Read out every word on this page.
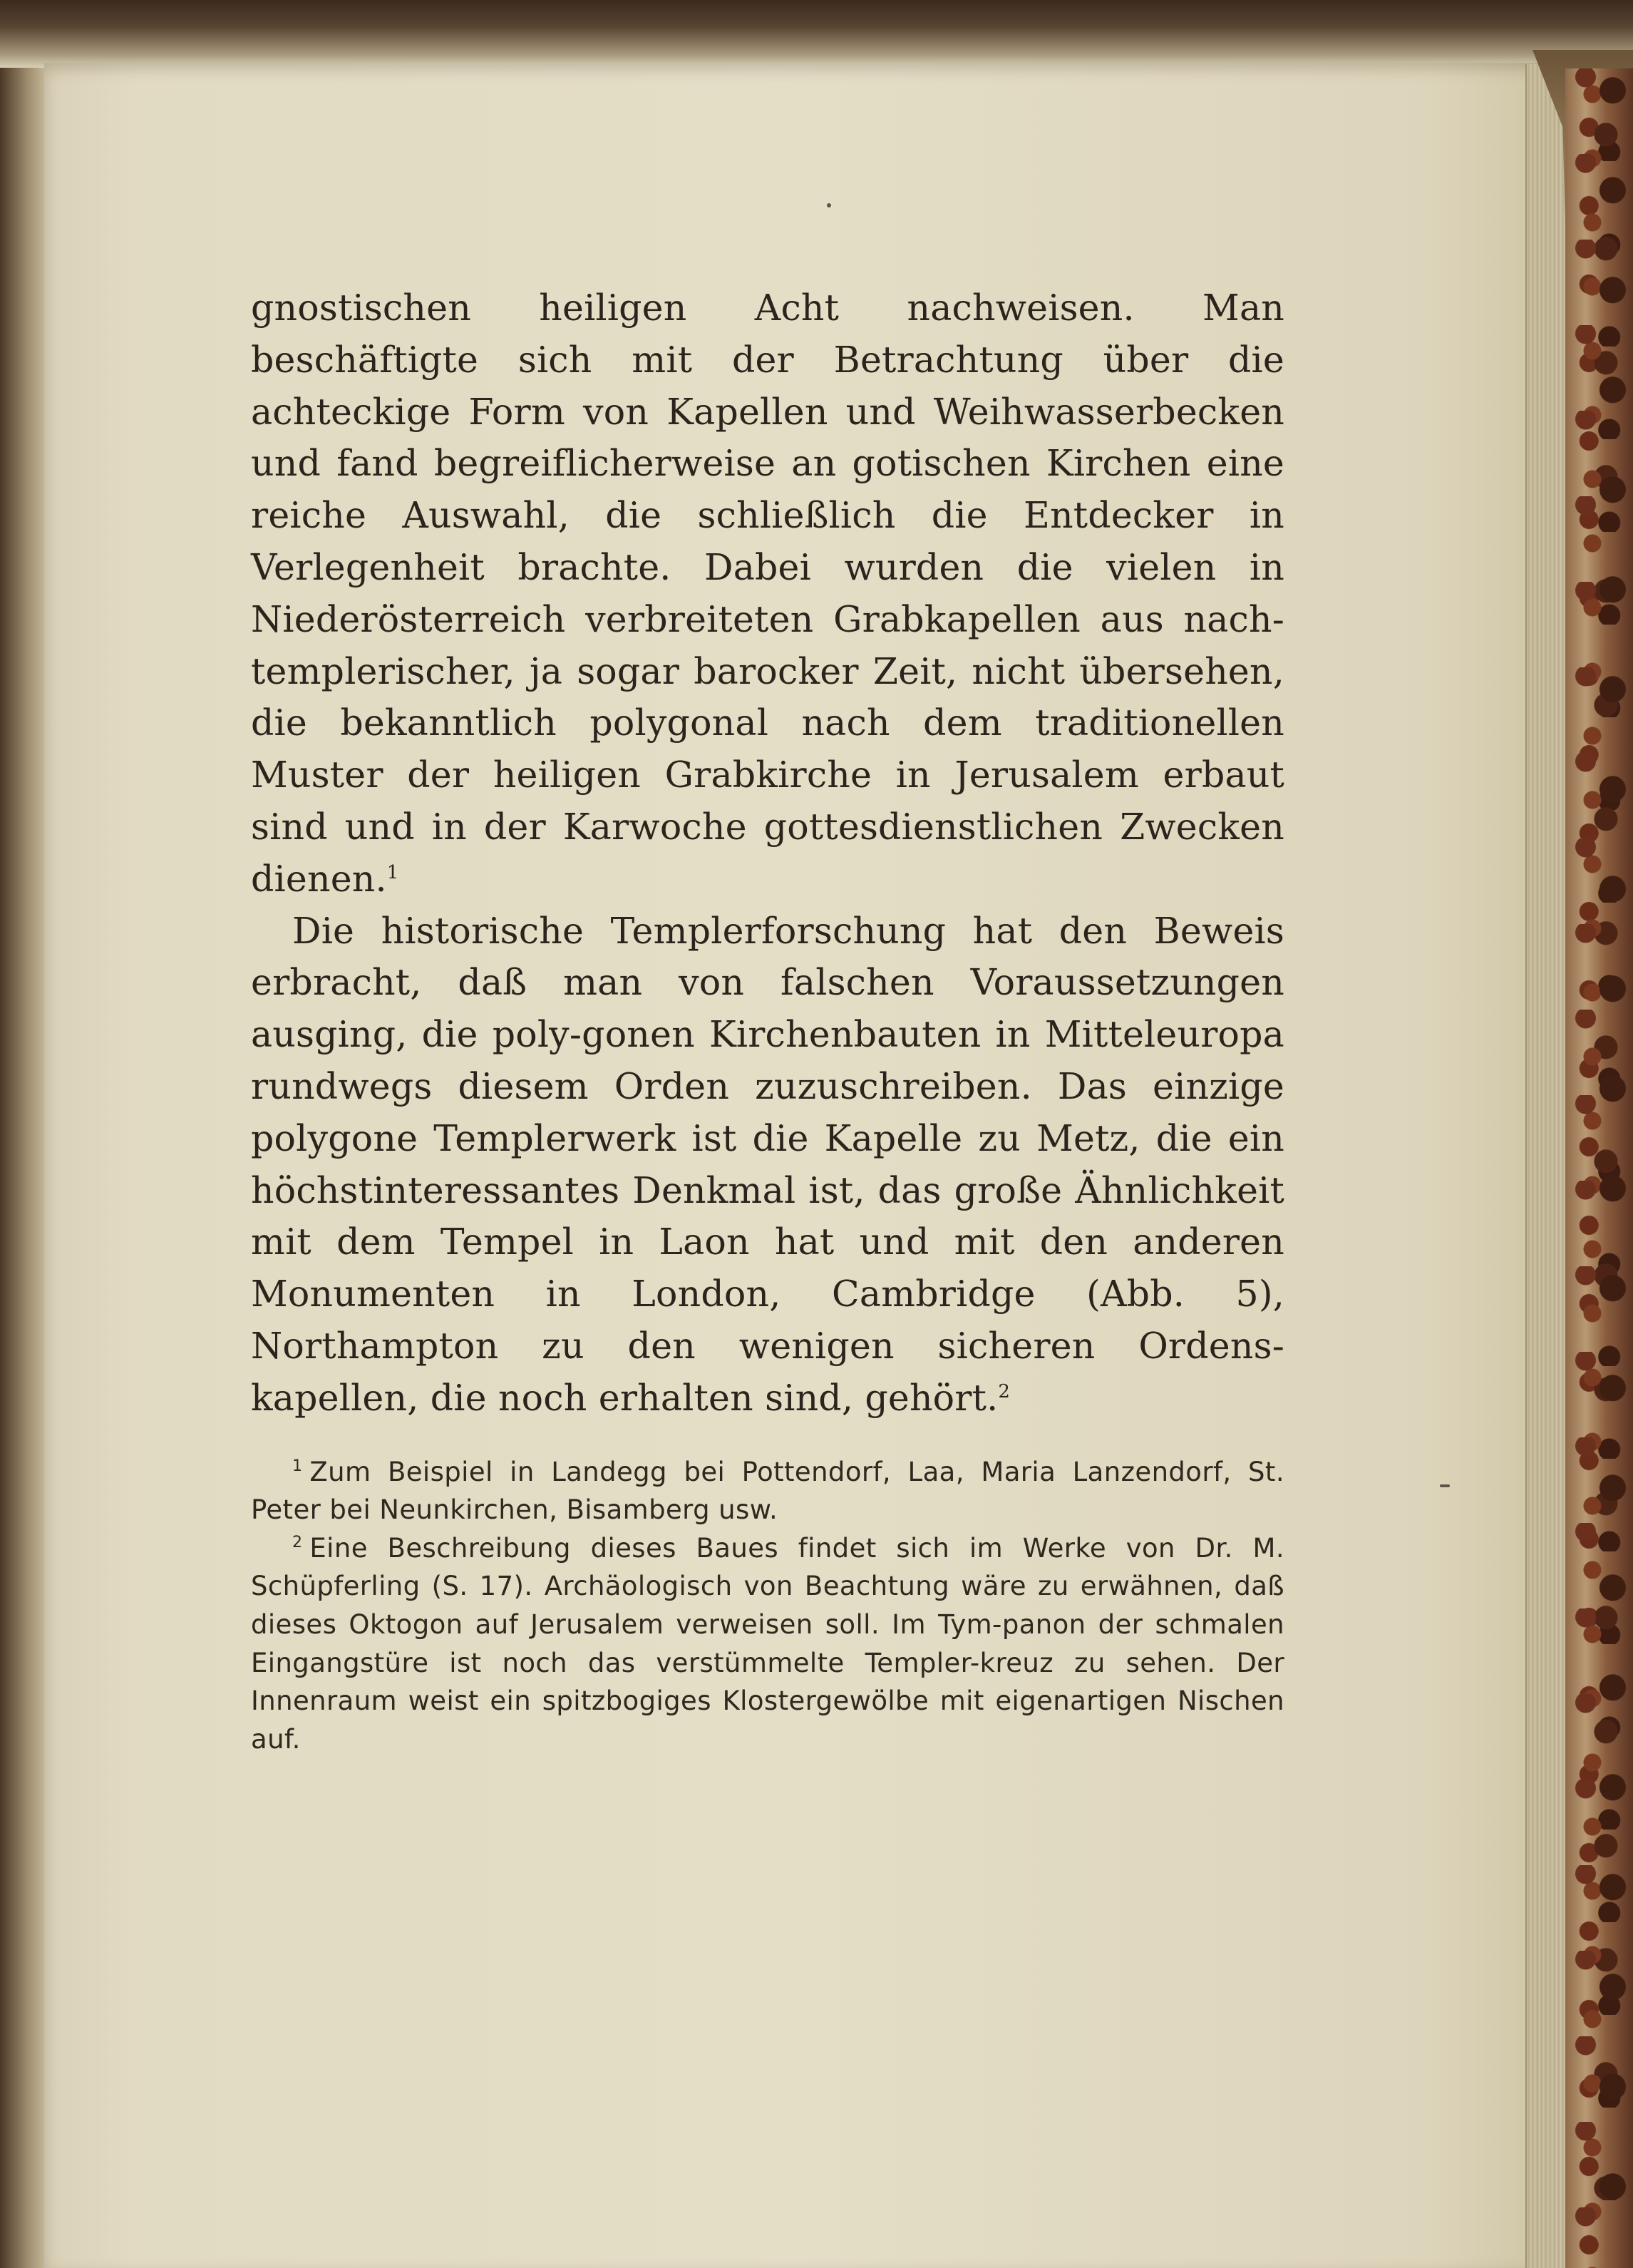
gnostischen heiligen Acht nachweisen. Man beschäftigte sich mit der Betrachtung über die achteckige Form von Kapellen und Weihwasserbecken und fand begreiflicherweise an gotischen Kirchen eine reiche Auswahl, die schließlich die Entdecker in Verlegenheit brachte. Dabei wurden die vielen in Niederösterreich verbreiteten Grabkapellen aus nach-templerischer, ja sogar barocker Zeit, nicht übersehen, die bekanntlich polygonal nach dem traditionellen Muster der heiligen Grabkirche in Jerusalem erbaut sind und in der Karwoche gottesdienstlichen Zwecken dienen.$^1$

Die historische Templerforschung hat den Beweis erbracht, daß man von falschen Voraussetzungen ausging, die poly-gonen Kirchenbauten in Mitteleuropa rundwegs diesem Orden zuzuschreiben. Das einzige polygone Templerwerk ist die Kapelle zu Metz, die ein höchstinteressantes Denkmal ist, das große Ähnlichkeit mit dem Tempel in Laon hat und mit den anderen Monumenten in London, Cambridge (Abb. 5), Northampton zu den wenigen sicheren Ordens-kapellen, die noch erhalten sind, gehört.$^2$

$^1$ Zum Beispiel in Landegg bei Pottendorf, Laa, Maria Lanzendorf, St. Peter bei Neunkirchen, Bisamberg usw.

$^2$ Eine Beschreibung dieses Baues findet sich im Werke von Dr. M. Schüpferling (S. 17). Archäologisch von Beachtung wäre zu erwähnen, daß dieses Oktogon auf Jerusalem verweisen soll. Im Tym-panon der schmalen Eingangstüre ist noch das verstümmelte Templer-kreuz zu sehen. Der Innenraum weist ein spitzbogiges Klostergewölbe mit eigenartigen Nischen auf.
